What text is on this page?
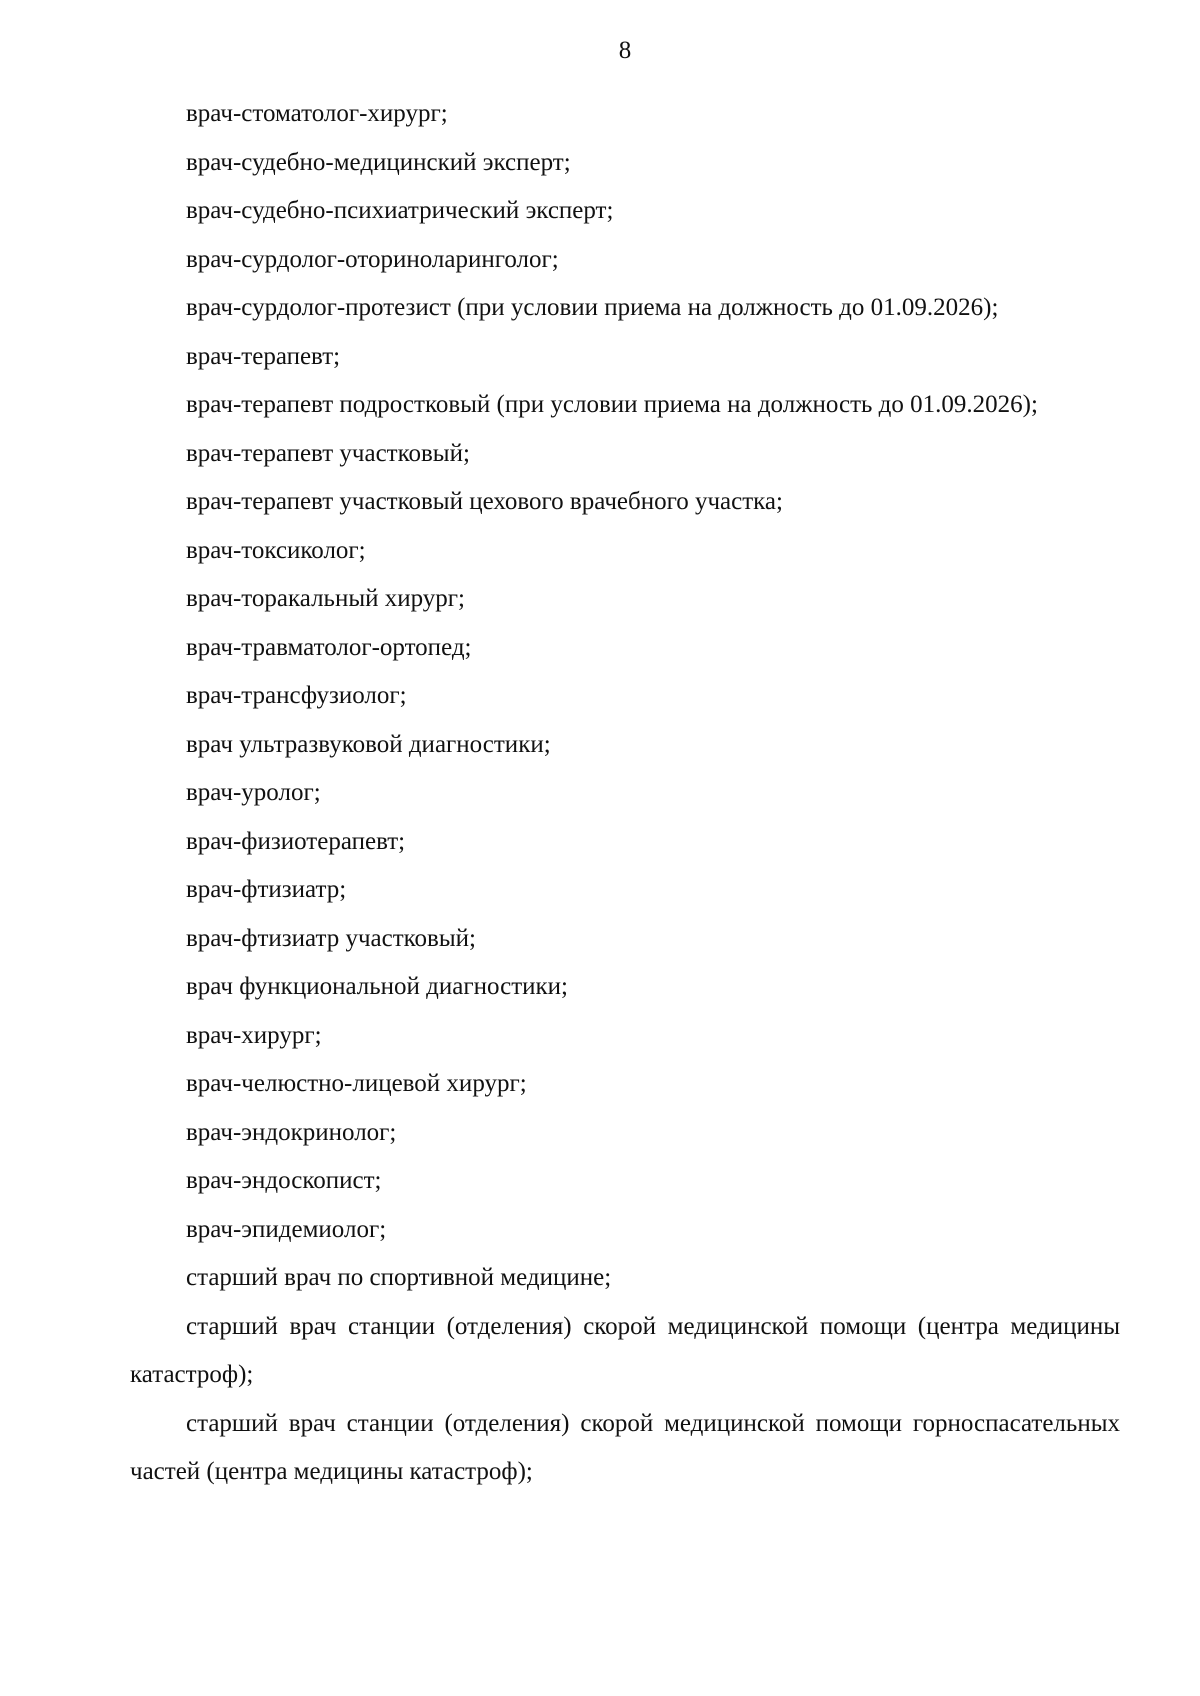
8

врач-стоматолог-хирург;

врач-судебно-медицинский эксперт;

врач-судебно-психиатрический эксперт;

врач-сурдолог-оториноларинголог;

врач-сурдолог-протезист (при условии приема на должность до 01.09.2026);

врач-терапевт;

врач-терапевт подростковый (при условии приема на должность до 01.09.2026);

врач-терапевт участковый;

врач-терапевт участковый цехового врачебного участка;

врач-токсиколог;

врач-торакальный хирург;

врач-травматолог-ортопед;

врач-трансфузиолог;

врач ультразвуковой диагностики;

врач-уролог;

врач-физиотерапевт;

врач-фтизиатр;

врач-фтизиатр участковый;

врач функциональной диагностики;

врач-хирург;

врач-челюстно-лицевой хирург;

врач-эндокринолог;

врач-эндоскопист;

врач-эпидемиолог;

старший врач по спортивной медицине;

старший врач станции (отделения) скорой медицинской помощи (центра медицины катастроф);

старший врач станции (отделения) скорой медицинской помощи горноспасательных частей (центра медицины катастроф);
